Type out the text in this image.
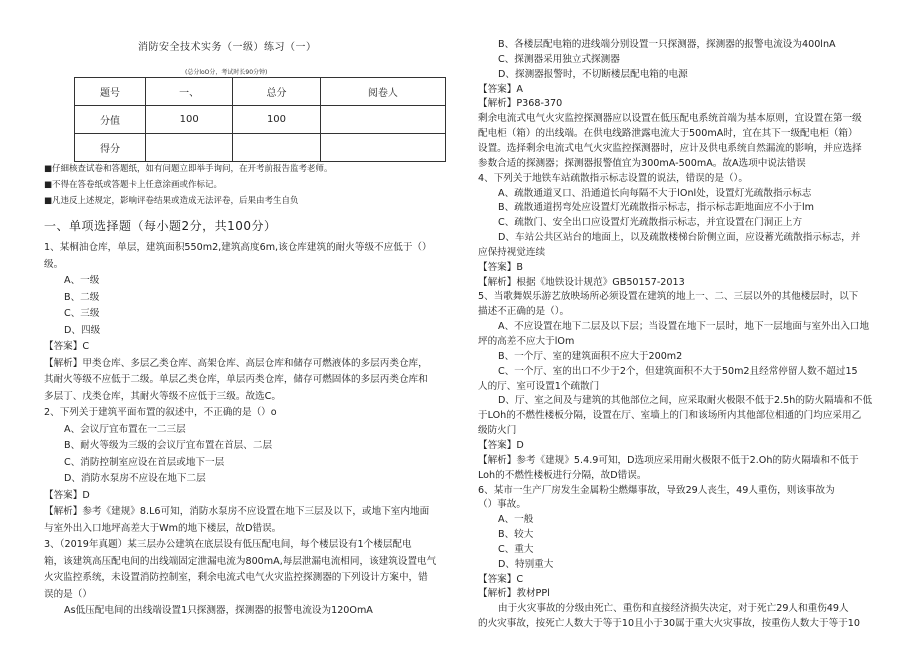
消防安全技术实务（一级）练习（一）
(总分loO分，考试时长90分钟)
题号	一、	总分	阅卷人
分值	100	100	
得分			
■仔細核查试卷和答题纸，如有问题立即举手询问，在开考前报告监考老师。
■不得在答卷纸或答题卡上任意涂画或作标记。
■凡违反上述规定，影响评卷结果或造成无法评卷，后果由考生自负
一、单项选择题（每小题2分，共100分）
1、某桐油仓库，单层，建筑面积550m2,建筑高度6m,该仓库建筑的耐火等级不应低于（）
级。
A、一级
B、二级
C、三级
D、四级
【答案】C
【解析】甲类仓库、多层乙类仓库、高架仓库、高层仓库和储存可燃液体的多层丙类仓库，
其耐火等级不应低于二级。单层乙类仓库，单层丙类仓库，储存可燃固体的多层丙类仓库和
多层丁、戊类仓库，其耐火等级不应低于三级。故选C。
2、下列关于建筑平面布置的叙述中，不正确的是（）o
A、会议厅宜布置在一二三层
B、耐火等级为三级的会议厅宜布置在首层、二层
C、消防控制室应设在首层或地下一层
D、消防水泵房不应设在地下二层
【答案】D
【解析】参考《建规》8.L6可知，消防水泵房不应设置在地下三层及以下，或地下室内地面
与室外出入口地坪高差大于Wm的地下楼层，故D错误。
3、（2019年真题）某三层办公建筑在底层设有低压配电间，每个楼层设有1个楼层配电
箱，该建筑高压配电间的出线端固定泄漏电流为800mA,每层泄漏电流相同，该建筑设置电气
火灾监控系统，未设置消防控制室，剩余电流式电气火灾监控探测器的下列设计方案中，错
误的是（）
As低压配电间的出线端设置1只探测器，探测器的报警电流设为120OmA
B、各楼层配电箱的进线端分别设置一只探测器，探测器的报警电流设为400lnA
C、探测器采用独立式探测器
D、探测器报警时，不切断楼层配电箱的电源
【答案】A
【解析】P368-370
剩余电流式电气火灾监控探测器应以设置在低压配电系统首端为基本原则，宜设置在第一级
配电柜（箱）的出线端。在供电线路泄露电流大于500mA时，宜在其下一级配电柜（箱）
设置。选择剩余电流式电气火灾监控探测器时，应计及供电系统自然漏流的影响，并应选择
参数合适的探测器；探测器报警值宜为300mA-500mA。故A选项中说法错误
4、下列关于地铁车站疏散指示标志设置的说法，错误的是（）。
A、疏散通道叉口、沿通道长向每隔不大于lOnl处，设置灯光疏散指示标志
B、疏散通道拐弯处应设置灯光疏散指示标志，指示标志距地面应不小于lm
C、疏散门、安全出口应设置灯光疏散指示标志，并宜设置在门洞正上方
D、车站公共区站台的地面上，以及疏散楼梯台阶侧立面，应设蓄光疏散指示标志，并
应保持视觉连续
【答案】B
【解析】根据《地铁设计规范》GB50157-2013
5、当歌舞娱乐游艺放映场所必须设置在建筑的地上一、二、三层以外的其他楼层时，以下
描述不正确的是（）。
A、不应设置在地下二层及以下层；当设置在地下一层时，地下一层地面与室外出入口地
坪的高差不应大于lOm
B、一个厅、室的建筑面积不应大于200m2
C、一个厅、室的出口不少于2个，但建筑面积不大于50m2且经常停留人数不超过15
人的厅、室可设置1个疏散门
D、厅、室之间及与建筑的其他部位之间，应采取耐火极限不低于2.5h的防火隔墙和不低
于LOh的不燃性楼板分隔，设置在厅、室墙上的门和该场所内其他部位相通的门均应采用乙
级防火门
【答案】D
【解析】参考《建规》5.4.9可知，D选项应采用耐火极限不低于2.Oh的防火隔墙和不低于
Loh的不燃性楼板进行分隔，故D错误。
6、某市一生产厂房发生金属粉尘燃爆事故，导致29人丧生，49人重伤，则该事故为
（）事故。
A、一般
B、较大
C、重大
D、特别重大
【答案】C
【解析】教材PPl
由于火灾事故的分级由死亡、重伤和直接经济损失决定，对于死亡29人和重伤49人
的火灾事故，按死亡人数大于等于10且小于30属于重大火灾事故，按重伤人数大于等于10
